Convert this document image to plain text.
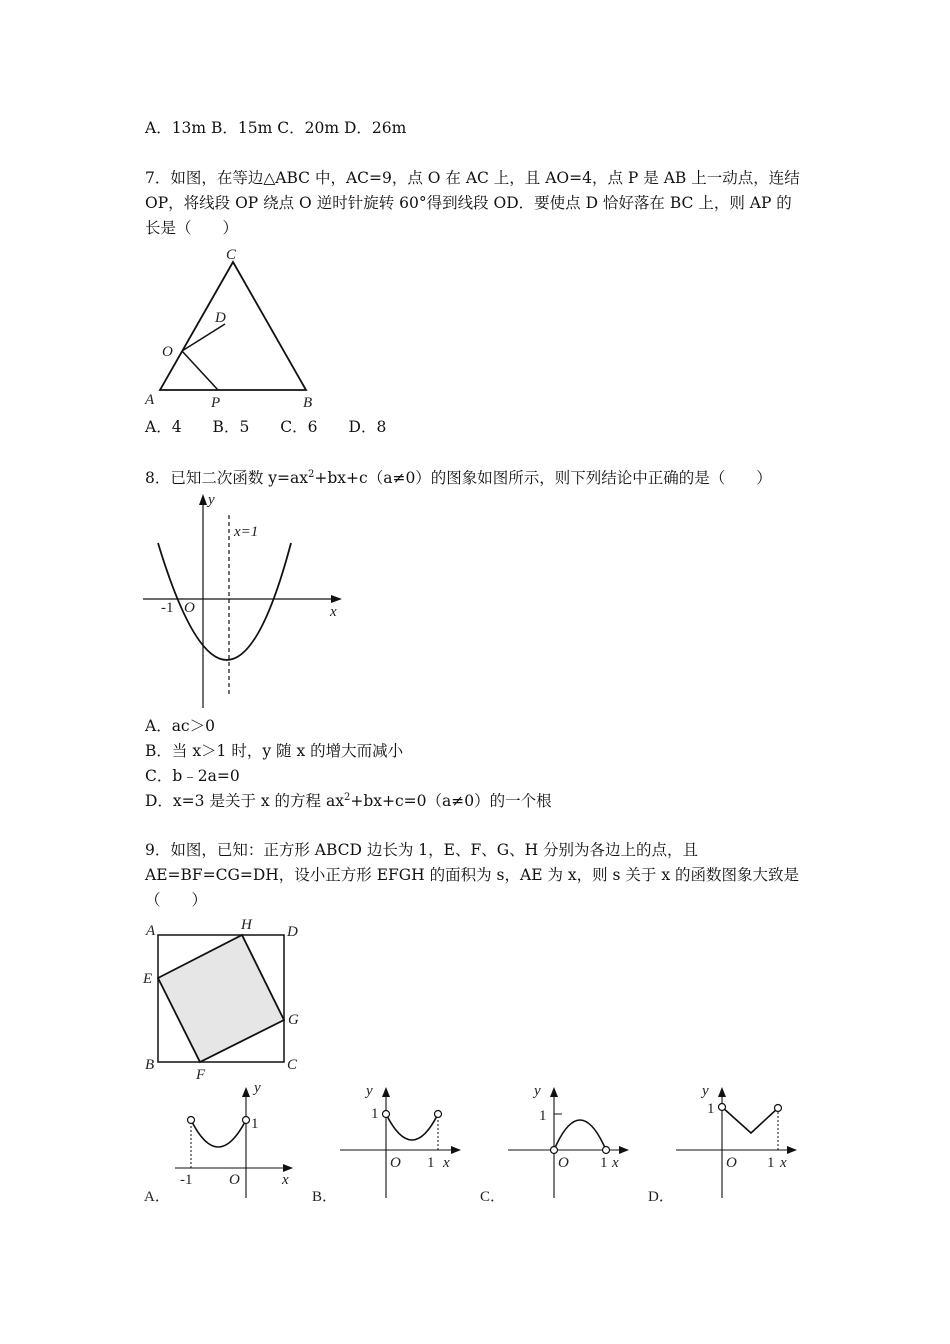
A．13m B．15m C．20m D．26m
7．如图，在等边△ABC 中，AC=9，点 O 在 AC 上，且 AO=4，点 P 是 AB 上一动点，连结
OP，将线段 OP 绕点 O 逆时针旋转 60°得到线段 OD．要使点 D 恰好落在 BC 上，则 AP 的
长是（　　）
C
D
O
A	P	B
A．4　　B．5　　C．6　　D．8
8．已知二次函数 $y=ax^2+bx+c(a\ne 0)$的图象如图所示，则下列结论中正确的是（　　）
y
x=1
x
-1 O
A．ac＞0
B．当 x＞1 时，y 随 x 的增大而减小
C．b﹣2a=0
D．x=3 是关于 x 的方程 $ax^2+bx+c=0(a\ne 0)$的一个根
9．如图，已知：正方形 ABCD 边长为 1，E、F、G、H 分别为各边上的点，且
AE=BF=CG=DH，设小正方形 EFGH 的面积为 s，AE 为 x，则 s 关于 x 的函数图象大致是
（　　）
A	H D
E
G
B
F
C
y
1
-1 O	x
A．
y
1
O 1 x
B．
y
1
O 1 x
C．
y
1
O 1 x
D．
